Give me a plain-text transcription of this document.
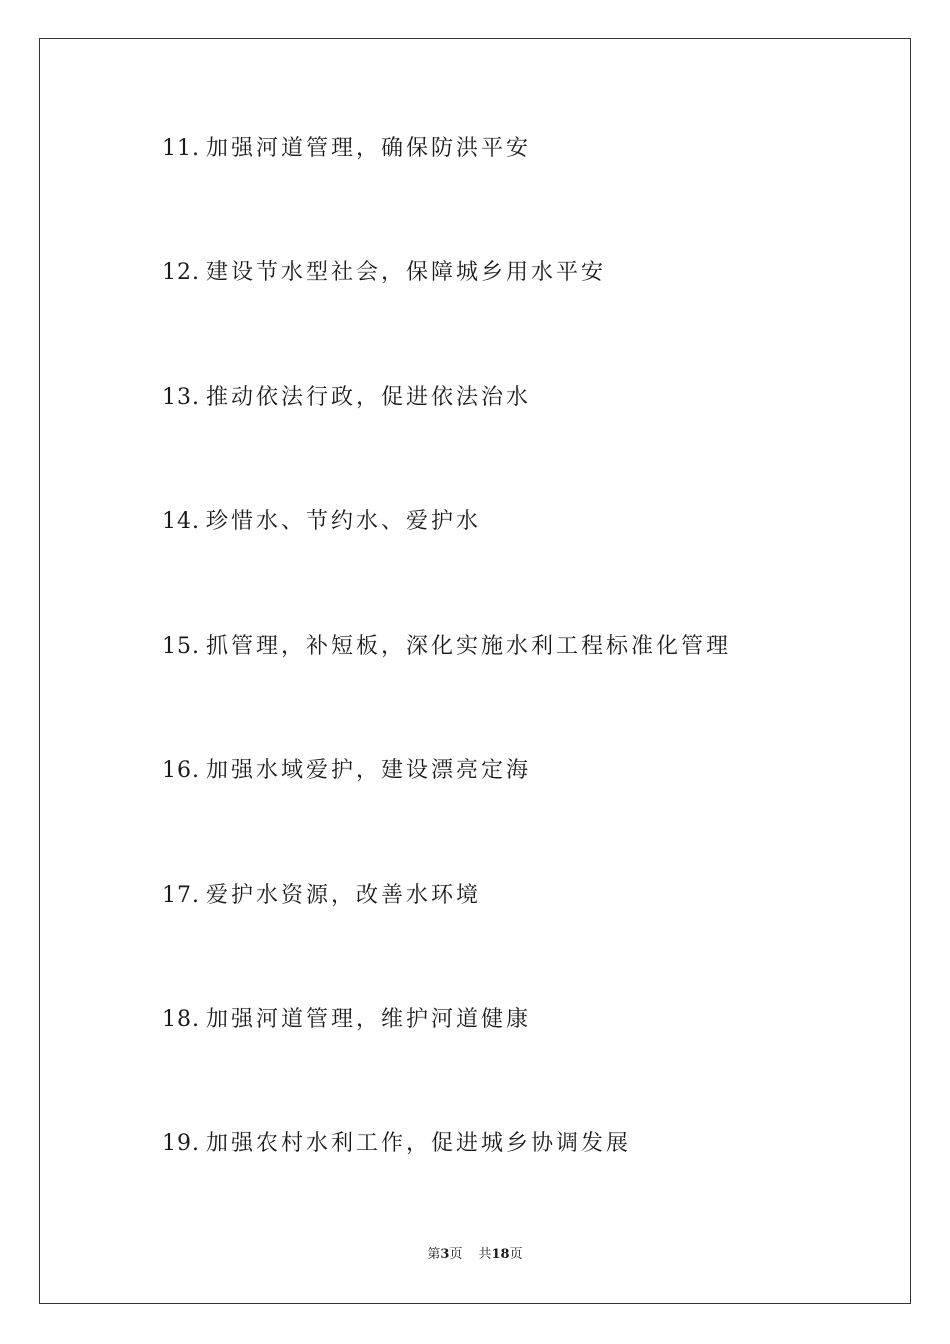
11. 加强河道管理，确保防洪平安
12. 建设节水型社会，保障城乡用水平安
13. 推动依法行政，促进依法治水
14. 珍惜水、节约水、爱护水
15. 抓管理，补短板，深化实施水利工程标准化管理
16. 加强水域爱护，建设漂亮定海
17. 爱护水资源，改善水环境
18. 加强河道管理，维护河道健康
19. 加强农村水利工作，促进城乡协调发展
第3页 共18页
